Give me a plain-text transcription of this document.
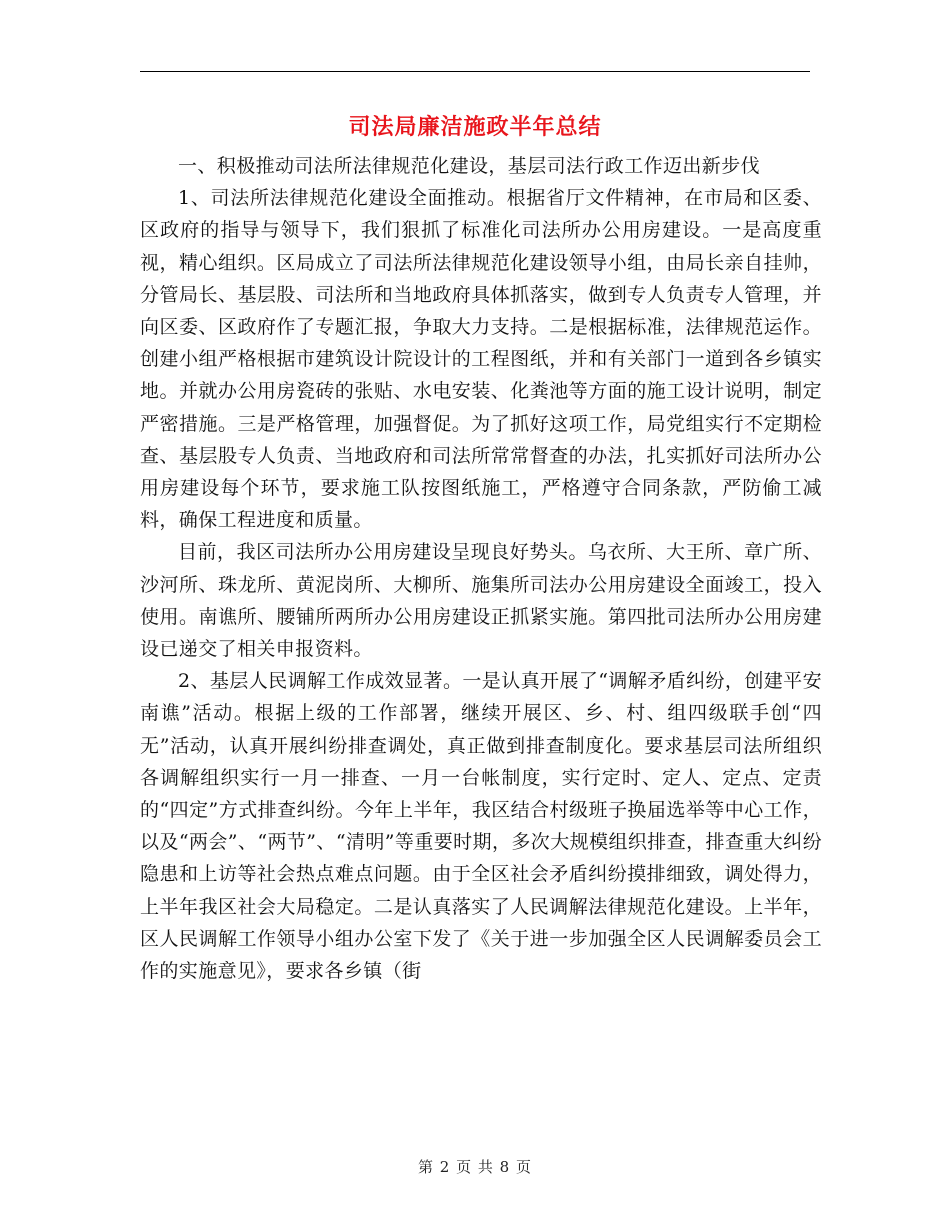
司法局廉洁施政半年总结

一、积极推动司法所法律规范化建设，基层司法行政工作迈出新步伐

1、司法所法律规范化建设全面推动。根据省厅文件精神，在市局和区委、区政府的指导与领导下，我们狠抓了标准化司法所办公用房建设。一是高度重视，精心组织。区局成立了司法所法律规范化建设领导小组，由局长亲自挂帅，分管局长、基层股、司法所和当地政府具体抓落实，做到专人负责专人管理，并向区委、区政府作了专题汇报，争取大力支持。二是根据标准，法律规范运作。创建小组严格根据市建筑设计院设计的工程图纸，并和有关部门一道到各乡镇实地。并就办公用房瓷砖的张贴、水电安装、化粪池等方面的施工设计说明，制定严密措施。三是严格管理，加强督促。为了抓好这项工作，局党组实行不定期检查、基层股专人负责、当地政府和司法所常常督查的办法，扎实抓好司法所办公用房建设每个环节，要求施工队按图纸施工，严格遵守合同条款，严防偷工减料，确保工程进度和质量。

目前，我区司法所办公用房建设呈现良好势头。乌衣所、大王所、章广所、沙河所、珠龙所、黄泥岗所、大柳所、施集所司法办公用房建设全面竣工，投入使用。南谯所、腰铺所两所办公用房建设正抓紧实施。第四批司法所办公用房建设已递交了相关申报资料。

2、基层人民调解工作成效显著。一是认真开展了“调解矛盾纠纷，创建平安南谯”活动。根据上级的工作部署，继续开展区、乡、村、组四级联手创“四无”活动，认真开展纠纷排查调处，真正做到排查制度化。要求基层司法所组织各调解组织实行一月一排查、一月一台帐制度，实行定时、定人、定点、定责的“四定”方式排查纠纷。今年上半年，我区结合村级班子换届选举等中心工作，以及“两会”、“两节”、“清明”等重要时期，多次大规模组织排查，排查重大纠纷隐患和上访等社会热点难点问题。由于全区社会矛盾纠纷摸排细致，调处得力，上半年我区社会大局稳定。二是认真落实了人民调解法律规范化建设。上半年，区人民调解工作领导小组办公室下发了《关于进一步加强全区人民调解委员会工作的实施意见》，要求各乡镇（街

第 2 页 共 8 页
